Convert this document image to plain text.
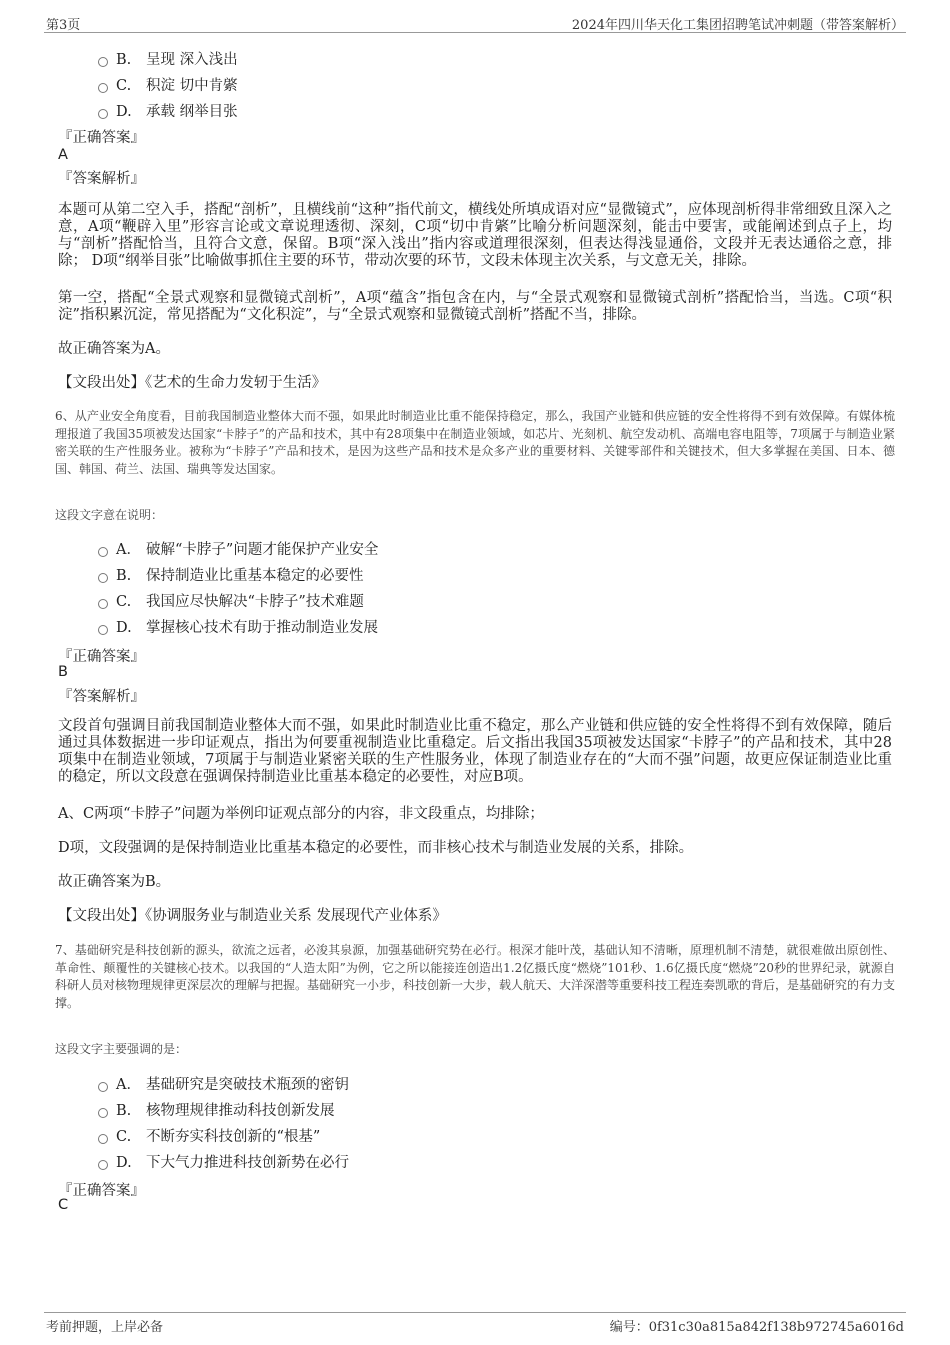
第3页	2024年四川华天化工集团招聘笔试冲刺题（带答案解析）
B. 呈现 深入浅出
C. 积淀 切中肯綮
D. 承载 纲举目张
『正确答案』
A
『答案解析』

本题可从第二空入手，搭配“剖析”，且横线前“这种”指代前文，横线处所填成语对应“显微镜式”，应体现剖析得非常细致且深入之意，A项“鞭辟入里”形容言论或文章说理透彻、深刻，C项“切中肯綮”比喻分析问题深刻，能击中要害，或能阐述到点子上，均与“剖析”搭配恰当，且符合文意，保留。B项“深入浅出”指内容或道理很深刻，但表达得浅显通俗，文段并无表达通俗之意，排除； D项“纲举目张”比喻做事抓住主要的环节，带动次要的环节，文段未体现主次关系，与文意无关，排除。

第一空，搭配“全景式观察和显微镜式剖析”，A项“蕴含”指包含在内，与“全景式观察和显微镜式剖析”搭配恰当，当选。C项“积淀”指积累沉淀，常见搭配为“文化积淀”，与“全景式观察和显微镜式剖析”搭配不当，排除。

故正确答案为A。

【文段出处】《艺术的生命力发轫于生活》

6、从产业安全角度看，目前我国制造业整体大而不强，如果此时制造业比重不能保持稳定，那么，我国产业链和供应链的安全性将得不到有效保障。有媒体梳理报道了我国35项被发达国家“卡脖子”的产品和技术，其中有28项集中在制造业领域，如芯片、光刻机、航空发动机、高端电容电阻等，7项属于与制造业紧密关联的生产性服务业。被称为“卡脖子”产品和技术，是因为这些产品和技术是众多产业的重要材料、关键零部件和关键技术，但大多掌握在美国、日本、德国、韩国、荷兰、法国、瑞典等发达国家。

这段文字意在说明：
A． 破解“卡脖子”问题才能保护产业安全
B. 保持制造业比重基本稳定的必要性
C. 我国应尽快解决“卡脖子”技术难题
D. 掌握核心技术有助于推动制造业发展
『正确答案』
B
『答案解析』

文段首句强调目前我国制造业整体大而不强，如果此时制造业比重不稳定，那么产业链和供应链的安全性将得不到有效保障，随后通过具体数据进一步印证观点，指出为何要重视制造业比重稳定。后文指出我国35项被发达国家“卡脖子”的产品和技术，其中28项集中在制造业领域，7项属于与制造业紧密关联的生产性服务业，体现了制造业存在的“大而不强”问题，故更应保证制造业比重的稳定，所以文段意在强调保持制造业比重基本稳定的必要性，对应B项。

A、C两项“卡脖子”问题为举例印证观点部分的内容，非文段重点，均排除；

D项，文段强调的是保持制造业比重基本稳定的必要性，而非核心技术与制造业发展的关系，排除。

故正确答案为B。

【文段出处】《协调服务业与制造业关系 发展现代产业体系》

7、基础研究是科技创新的源头，欲流之远者，必浚其泉源，加强基础研究势在必行。根深才能叶茂，基础认知不清晰，原理机制不清楚，就很难做出原创性、革命性、颠覆性的关键核心技术。以我国的“人造太阳”为例，它之所以能接连创造出1.2亿摄氏度“燃烧”101秒、1.6亿摄氏度“燃烧”20秒的世界纪录，就源自科研人员对核物理规律更深层次的理解与把握。基础研究一小步，科技创新一大步，载人航天、大洋深潜等重要科技工程连奏凯歌的背后，是基础研究的有力支撑。

这段文字主要强调的是：
A． 基础研究是突破技术瓶颈的密钥
B. 核物理规律推动科技创新发展
C. 不断夯实科技创新的“根基”
D. 下大气力推进科技创新势在必行
『正确答案』
C
考前押题，上岸必备	编号：0f31c30a815a842f138b972745a6016d
